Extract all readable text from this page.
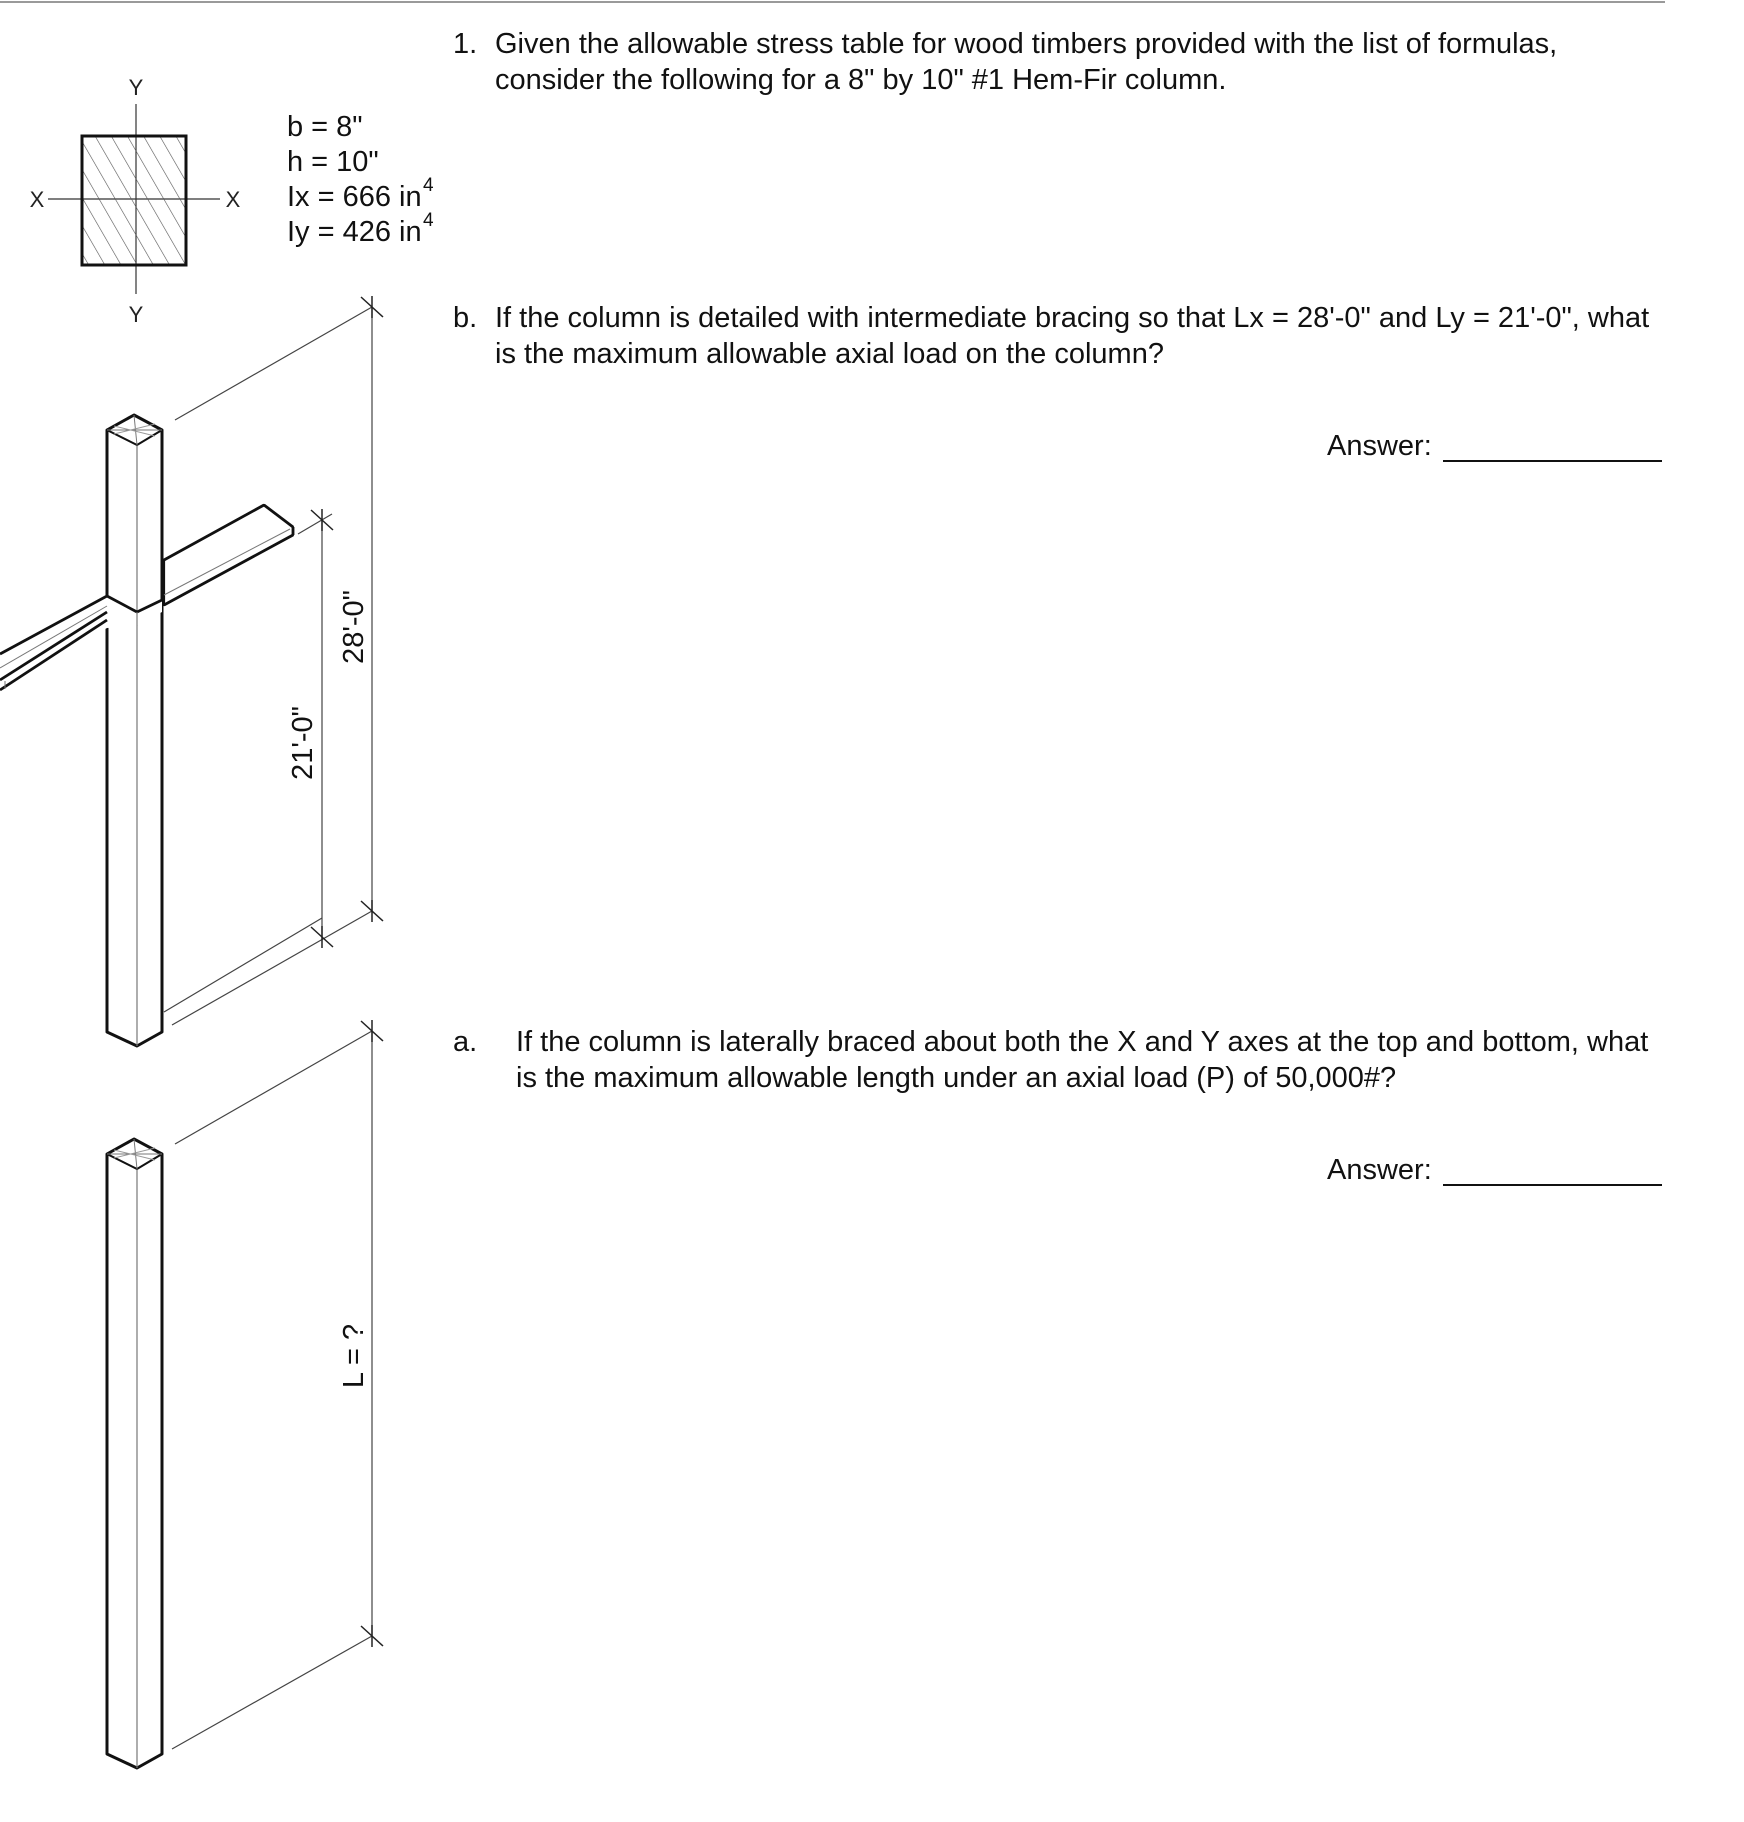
Y
Y
X	X
b = 8"
h = 10"
Ix = 666 in 4
Iy = 426 in 4
28'-0"
21'-0"
L = ?
1. Given the allowable stress table for wood timbers provided with the list of formulas,
consider the following for a 8" by 10" #1 Hem-Fir column.
b. If the column is detailed with intermediate bracing so that Lx = 28'-0" and Ly = 21'-0", what
is the maximum allowable axial load on the column?
Answer:
a. If the column is laterally braced about both the X and Y axes at the top and bottom, what
is the maximum allowable length under an axial load (P) of 50,000#?
Answer:
